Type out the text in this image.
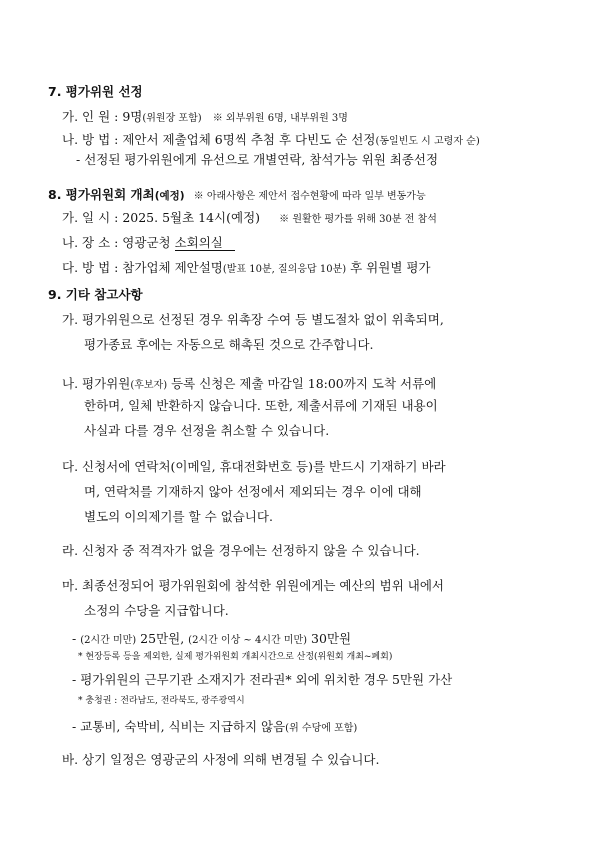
7. 평가위원 선정
가. 인 원 : 9명(위원장 포함) ※ 외부위원 6명, 내부위원 3명
나. 방 법 : 제안서 제출업체 6명씩 추첨 후 다빈도 순 선정(동일빈도 시 고령자 순)
- 선정된 평가위원에게 유선으로 개별연락, 참석가능 위원 최종선정
8. 평가위원회 개최(예정) ※ 아래사항은 제안서 접수현황에 따라 일부 변동가능
가. 일 시 : 2025. 5월초 14시(예정) ※ 원활한 평가를 위해 30분 전 참석
나. 장 소 : 영광군청 소회의실
다. 방 법 : 참가업체 제안설명(발표 10분, 질의응답 10분) 후 위원별 평가
9. 기타 참고사항
가. 평가위원으로 선정된 경우 위촉장 수여 등 별도절차 없이 위촉되며,
평가종료 후에는 자동으로 해촉된 것으로 간주합니다.
나. 평가위원(후보자) 등록 신청은 제출 마감일 18:00까지 도착 서류에
한하며, 일체 반환하지 않습니다. 또한, 제출서류에 기재된 내용이
사실과 다를 경우 선정을 취소할 수 있습니다.
다. 신청서에 연락처(이메일, 휴대전화번호 등)를 반드시 기재하기 바라
며, 연락처를 기재하지 않아 선정에서 제외되는 경우 이에 대해
별도의 이의제기를 할 수 없습니다.
라. 신청자 중 적격자가 없을 경우에는 선정하지 않을 수 있습니다.
마. 최종선정되어 평가위원회에 참석한 위원에게는 예산의 범위 내에서
소정의 수당을 지급합니다.
- (2시간 미만) 25만원, (2시간 이상 ~ 4시간 미만) 30만원
* 현장등록 등을 제외한, 실제 평가위원회 개최시간으로 산정(위원회 개최~폐회)
- 평가위원의 근무기관 소재지가 전라권* 외에 위치한 경우 5만원 가산
* 충청권 : 전라남도, 전라북도, 광주광역시
- 교통비, 숙박비, 식비는 지급하지 않음(위 수당에 포함)
바. 상기 일정은 영광군의 사정에 의해 변경될 수 있습니다.
